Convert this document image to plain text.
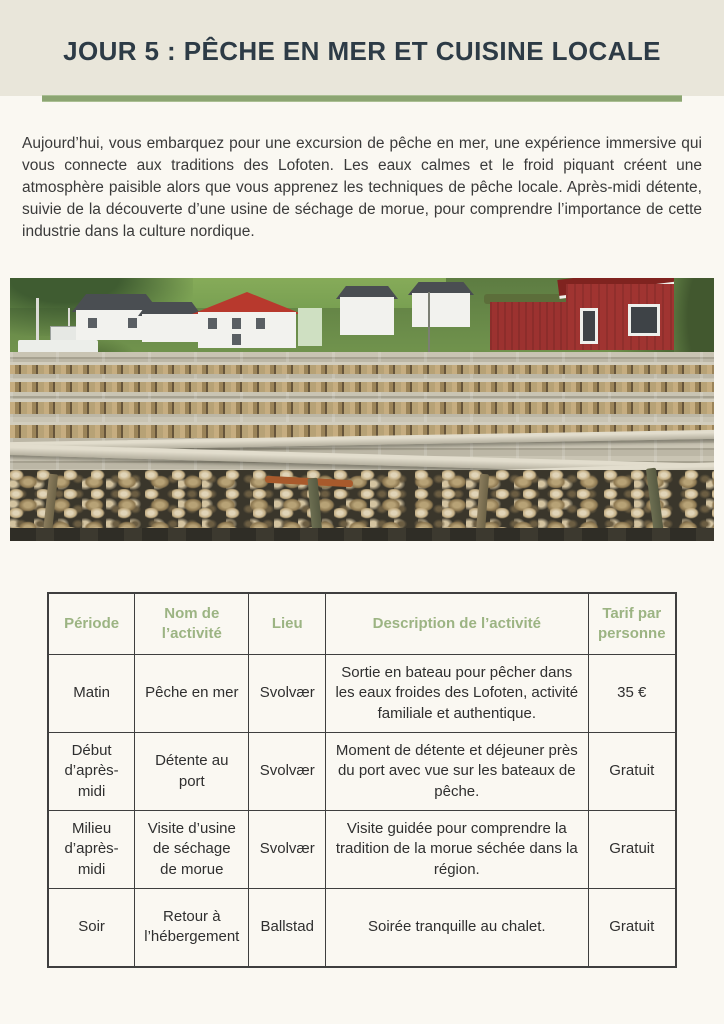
JOUR 5 : PÊCHE EN MER ET CUISINE LOCALE

Aujourd’hui, vous embarquez pour une excursion de pêche en mer, une expérience immersive qui vous connecte aux traditions des Lofoten. Les eaux calmes et le froid piquant créent une atmosphère paisible alors que vous apprenez les techniques de pêche locale. Après-midi détente, suivie de la découverte d’une usine de séchage de morue, pour comprendre l’importance de cette industrie dans la culture nordique.

Période	Nom de l’activité	Lieu	Description de l’activité	Tarif par personne
Matin	Pêche en mer	Svolvær	Sortie en bateau pour pêcher dans les eaux froides des Lofoten, activité familiale et authentique.	35 €
Début d’après-midi	Détente au port	Svolvær	Moment de détente et déjeuner près du port avec vue sur les bateaux de pêche.	Gratuit
Milieu d’après-midi	Visite d’usine de séchage de morue	Svolvær	Visite guidée pour comprendre la tradition de la morue séchée dans la région.	Gratuit
Soir	Retour à l’hébergement	Ballstad	Soirée tranquille au chalet.	Gratuit
